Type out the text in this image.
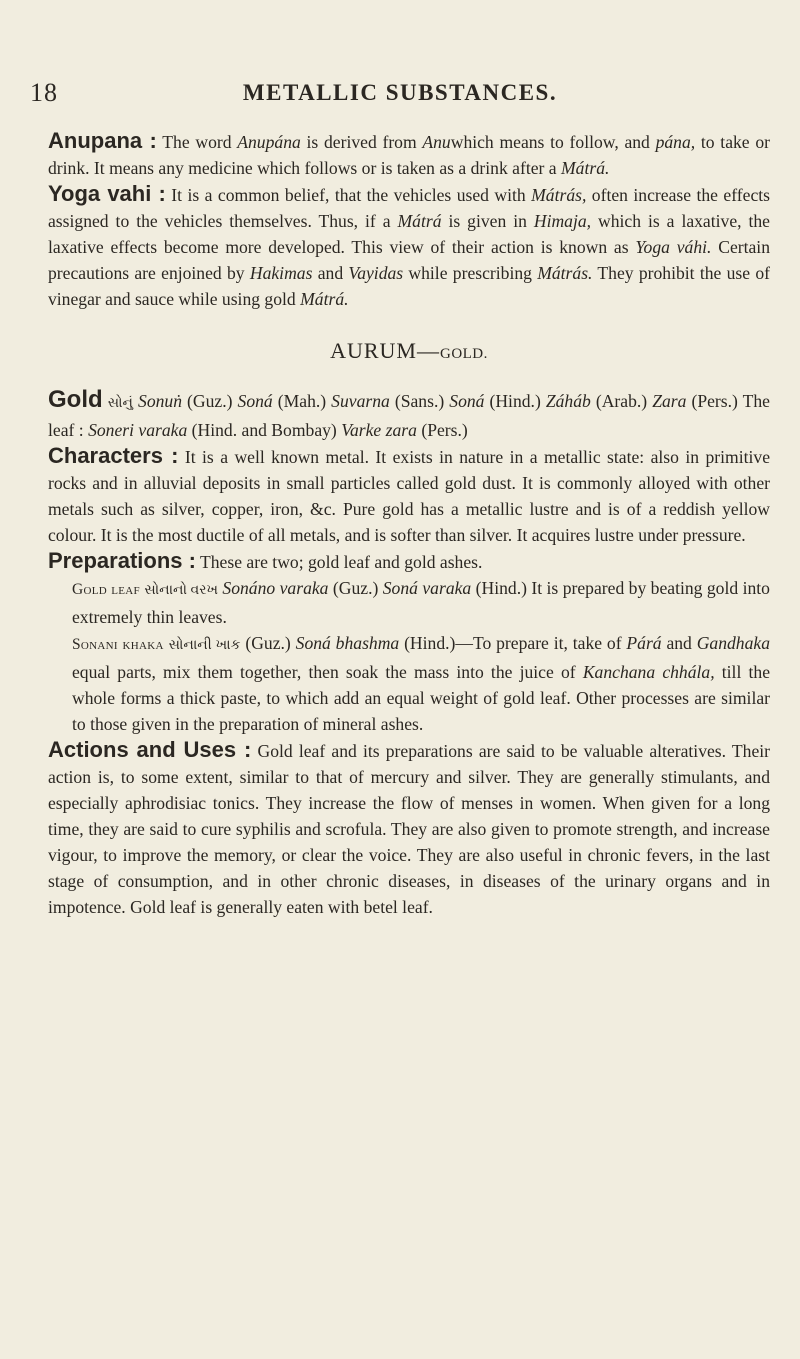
18	METALLIC SUBSTANCES.

Anupana : The word Anupána is derived from Anuwhich means to follow, and pána, to take or drink. It means any medicine which follows or is taken as a drink after a Mátrá.

Yoga vahi : It is a common belief, that the vehicles used with Mátrás, often increase the effects assigned to the vehicles themselves. Thus, if a Mátrá is given in Himaja, which is a laxative, the laxative effects become more developed. This view of their action is known as Yoga váhi. Certain precautions are enjoined by Hakimas and Vayidas while prescribing Mátrás. They prohibit the use of vinegar and sauce while using gold Mátrá.

AURUM—GOLD.

Gold સોનું Sonuṅ (Guz.) Soná (Mah.) Suvarna (Sans.) Soná (Hind.) Záháb (Arab.) Zara (Pers.) The leaf : Soneri varaka (Hind. and Bombay) Varke zara (Pers.)

Characters : It is a well known metal. It exists in nature in a metallic state: also in primitive rocks and in alluvial deposits in small particles called gold dust. It is commonly alloyed with other metals such as silver, copper, iron, &c. Pure gold has a metallic lustre and is of a reddish yellow colour. It is the most ductile of all metals, and is softer than silver. It acquires lustre under pressure.

Preparations : These are two; gold leaf and gold ashes.

Gold leaf સોનાનો વરખ Sonáno varaka (Guz.) Soná varaka (Hind.) It is prepared by beating gold into extremely thin leaves.

Sonani khaka સોનાની ખાક (Guz.) Soná bhashma (Hind.)—To prepare it, take of Párá and Gandhaka equal parts, mix them together, then soak the mass into the juice of Kanchana chhála, till the whole forms a thick paste, to which add an equal weight of gold leaf. Other processes are similar to those given in the preparation of mineral ashes.

Actions and Uses : Gold leaf and its preparations are said to be valuable alteratives. Their action is, to some extent, similar to that of mercury and silver. They are generally stimulants, and especially aphrodisiac tonics. They increase the flow of menses in women. When given for a long time, they are said to cure syphilis and scrofula. They are also given to promote strength, and increase vigour, to improve the memory, or clear the voice. They are also useful in chronic fevers, in the last stage of consumption, and in other chronic diseases, in diseases of the urinary organs and in impotence. Gold leaf is generally eaten with betel leaf.
